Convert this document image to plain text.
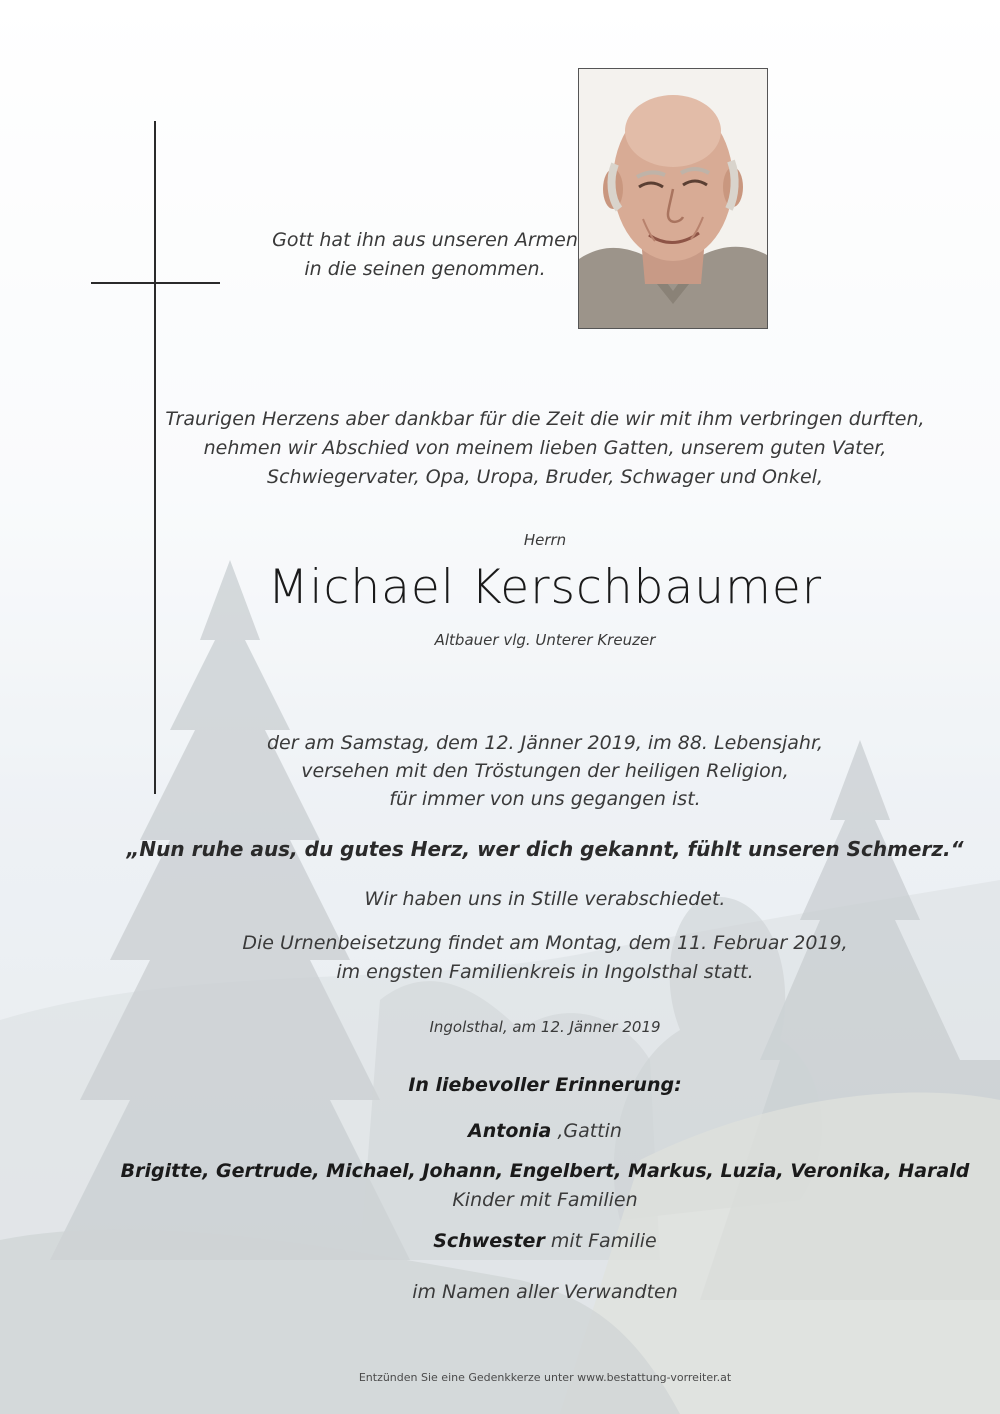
Gott hat ihn aus unseren Armen
in die seinen genommen.
Traurigen Herzens aber dankbar für die Zeit die wir mit ihm verbringen durften,
nehmen wir Abschied von meinem lieben Gatten, unserem guten Vater,
Schwiegervater, Opa, Uropa, Bruder, Schwager und Onkel,
Herrn
Michael Kerschbaumer
Altbauer vlg. Unterer Kreuzer
der am Samstag, dem 12. Jänner 2019, im 88. Lebensjahr,
versehen mit den Tröstungen der heiligen Religion,
für immer von uns gegangen ist.
„Nun ruhe aus, du gutes Herz, wer dich gekannt, fühlt unseren Schmerz.“
Wir haben uns in Stille verabschiedet.
Die Urnenbeisetzung findet am Montag, dem 11. Februar 2019,
im engsten Familienkreis in Ingolsthal statt.
Ingolsthal, am 12. Jänner 2019
In liebevoller Erinnerung:
Antonia ,Gattin
Brigitte, Gertrude, Michael, Johann, Engelbert, Markus, Luzia, Veronika, Harald
Kinder mit Familien
Schwester mit Familie
im Namen aller Verwandten
Entzünden Sie eine Gedenkkerze unter www.bestattung-vorreiter.at
